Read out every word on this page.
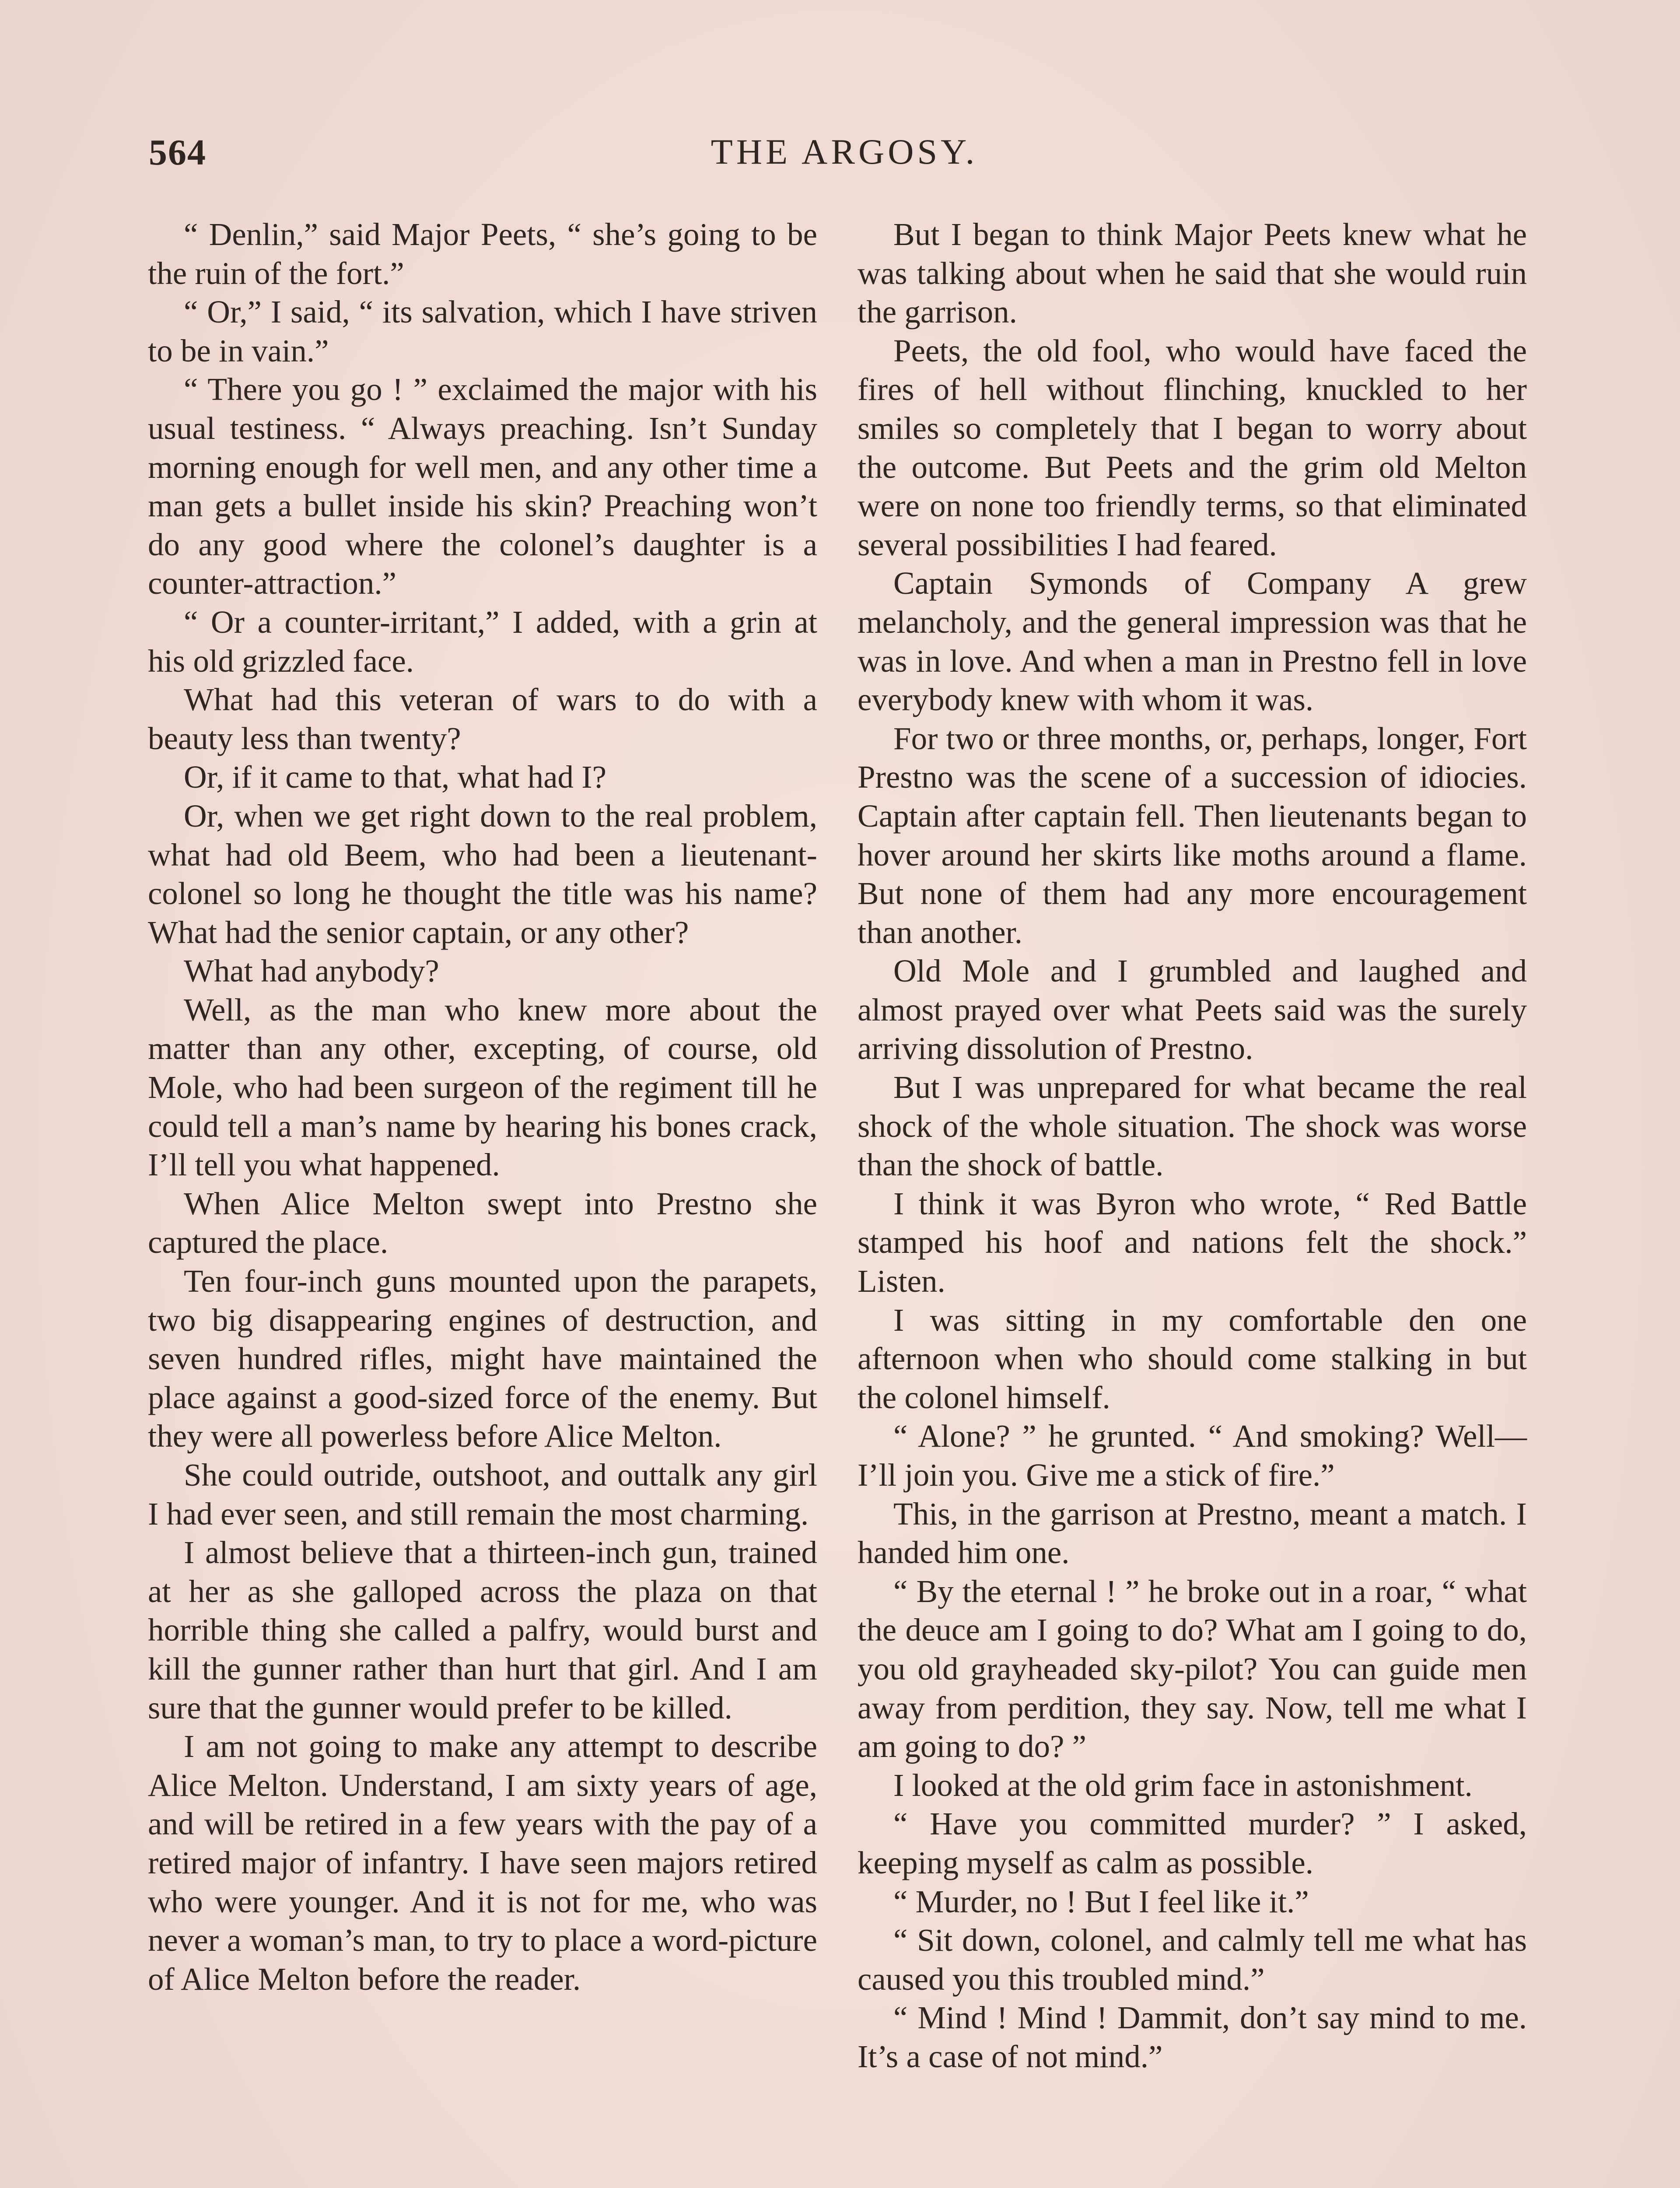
THE ARGOSY.
564

“ Denlin,” said Major Peets, “ she’s going to be the ruin of the fort.”

“ Or,” I said, “ its salvation, which I have striven to be in vain.”

“ There you go ! ” exclaimed the major with his usual testiness. “ Always preaching. Isn’t Sunday morning enough for well men, and any other time a man gets a bullet inside his skin? Preaching won’t do any good where the colonel’s daughter is a counter-attraction.”

“ Or a counter-irritant,” I added, with a grin at his old grizzled face.

What had this veteran of wars to do with a beauty less than twenty?

Or, if it came to that, what had I?

Or, when we get right down to the real problem, what had old Beem, who had been a lieutenant-colonel so long he thought the title was his name? What had the senior captain, or any other?

What had anybody?

Well, as the man who knew more about the matter than any other, excepting, of course, old Mole, who had been surgeon of the regiment till he could tell a man’s name by hearing his bones crack, I’ll tell you what happened.

When Alice Melton swept into Prestno she captured the place.

Ten four-inch guns mounted upon the parapets, two big disappearing engines of destruction, and seven hundred rifles, might have maintained the place against a good-sized force of the enemy. But they were all powerless before Alice Melton.

She could outride, outshoot, and outtalk any girl I had ever seen, and still remain the most charming.

I almost believe that a thirteen-inch gun, trained at her as she galloped across the plaza on that horrible thing she called a palfry, would burst and kill the gunner rather than hurt that girl. And I am sure that the gunner would prefer to be killed.

I am not going to make any attempt to describe Alice Melton. Understand, I am sixty years of age, and will be retired in a few years with the pay of a retired major of infantry. I have seen majors retired who were younger. And it is not for me, who was never a woman’s man, to try to place a word-picture of Alice Melton before the reader.

But I began to think Major Peets knew what he was talking about when he said that she would ruin the garrison.

Peets, the old fool, who would have faced the fires of hell without flinching, knuckled to her smiles so completely that I began to worry about the outcome. But Peets and the grim old Melton were on none too friendly terms, so that eliminated several possibilities I had feared.

Captain Symonds of Company A grew melancholy, and the general impression was that he was in love. And when a man in Prestno fell in love everybody knew with whom it was.

For two or three months, or, perhaps, longer, Fort Prestno was the scene of a succession of idiocies. Captain after captain fell. Then lieutenants began to hover around her skirts like moths around a flame. But none of them had any more encouragement than another.

Old Mole and I grumbled and laughed and almost prayed over what Peets said was the surely arriving dissolution of Prestno.

But I was unprepared for what became the real shock of the whole situation. The shock was worse than the shock of battle.

I think it was Byron who wrote, “ Red Battle stamped his hoof and nations felt the shock.” Listen.

I was sitting in my comfortable den one afternoon when who should come stalking in but the colonel himself.

“ Alone? ” he grunted. “ And smoking? Well—I’ll join you. Give me a stick of fire.”

This, in the garrison at Prestno, meant a match. I handed him one.

“ By the eternal ! ” he broke out in a roar, “ what the deuce am I going to do? What am I going to do, you old grayheaded sky-pilot? You can guide men away from perdition, they say. Now, tell me what I am going to do? ”

I looked at the old grim face in astonishment.

“ Have you committed murder? ” I asked, keeping myself as calm as possible.

“ Murder, no ! But I feel like it.”

“ Sit down, colonel, and calmly tell me what has caused you this troubled mind.”

“ Mind ! Mind ! Dammit, don’t say mind to me. It’s a case of not mind.”
